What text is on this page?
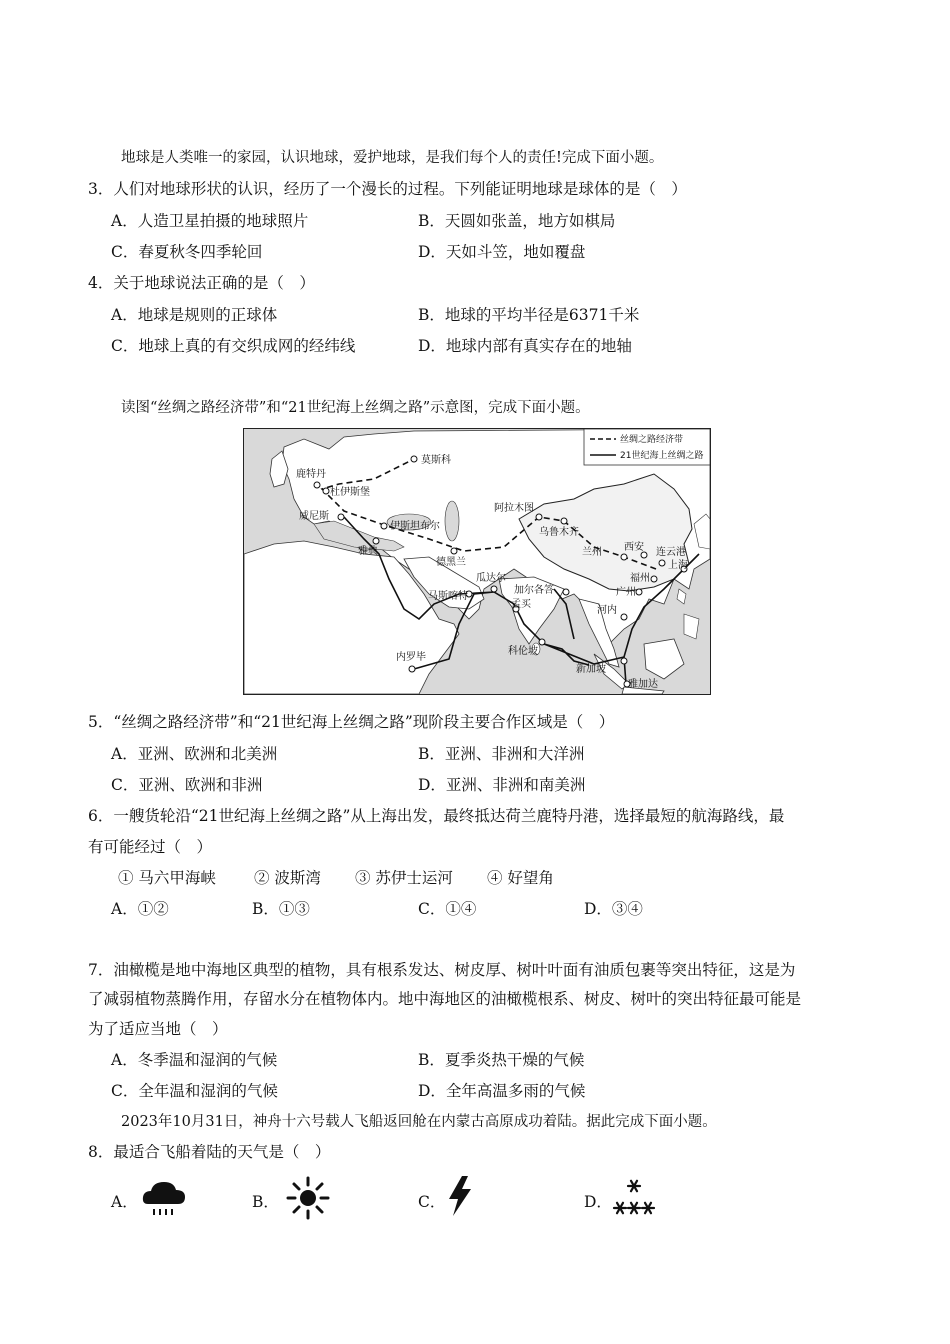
地球是人类唯一的家园，认识地球，爱护地球，是我们每个人的责任!完成下面小题。
3．人们对地球形状的认识，经历了一个漫长的过程。下列能证明地球是球体的是（　）
A．人造卫星拍摄的地球照片	B．天圆如张盖，地方如棋局
C．春夏秋冬四季轮回	D．天如斗笠，地如覆盘
4．关于地球说法正确的是（　）
A．地球是规则的正球体	B．地球的平均半径是6371千米
C．地球上真的有交织成网的经纬线	D．地球内部有真实存在的地轴
读图“丝绸之路经济带”和“21世纪海上丝绸之路”示意图，完成下面小题。
丝绸之路经济带
21世纪海上丝绸之路
莫斯科
鹿特丹
杜伊斯堡
威尼斯
伊斯坦布尔
雅典
德黑兰
阿拉木图
乌鲁木齐
兰州 西安 连云港
上海
福州
广州
河内
加尔各答
瓜达尔
马斯喀特
孟买
科伦坡
内罗毕
新加坡
雅加达
5．“丝绸之路经济带”和“21世纪海上丝绸之路”现阶段主要合作区域是（　）
A．亚洲、欧洲和北美洲	B．亚洲、非洲和大洋洲
C．亚洲、欧洲和非洲	D．亚洲、非洲和南美洲
6．一艘货轮沿“21世纪海上丝绸之路”从上海出发，最终抵达荷兰鹿特丹港，选择最短的航海路线，最
有可能经过（　）
① 马六甲海峡 ② 波斯湾 ③ 苏伊士运河 ④ 好望角
A．①②	B．①③	C．①④	D．③④
7．油橄榄是地中海地区典型的植物，具有根系发达、树皮厚、树叶叶面有油质包裹等突出特征，这是为
了减弱植物蒸腾作用，存留水分在植物体内。地中海地区的油橄榄根系、树皮、树叶的突出特征最可能是
为了适应当地（　）
A．冬季温和湿润的气候	B．夏季炎热干燥的气候
C．全年温和湿润的气候	D．全年高温多雨的气候
2023年10月31日，神舟十六号载人飞船返回舱在内蒙古高原成功着陆。据此完成下面小题。
8．最适合飞船着陆的天气是（　）
A．	B．	C．	D．
